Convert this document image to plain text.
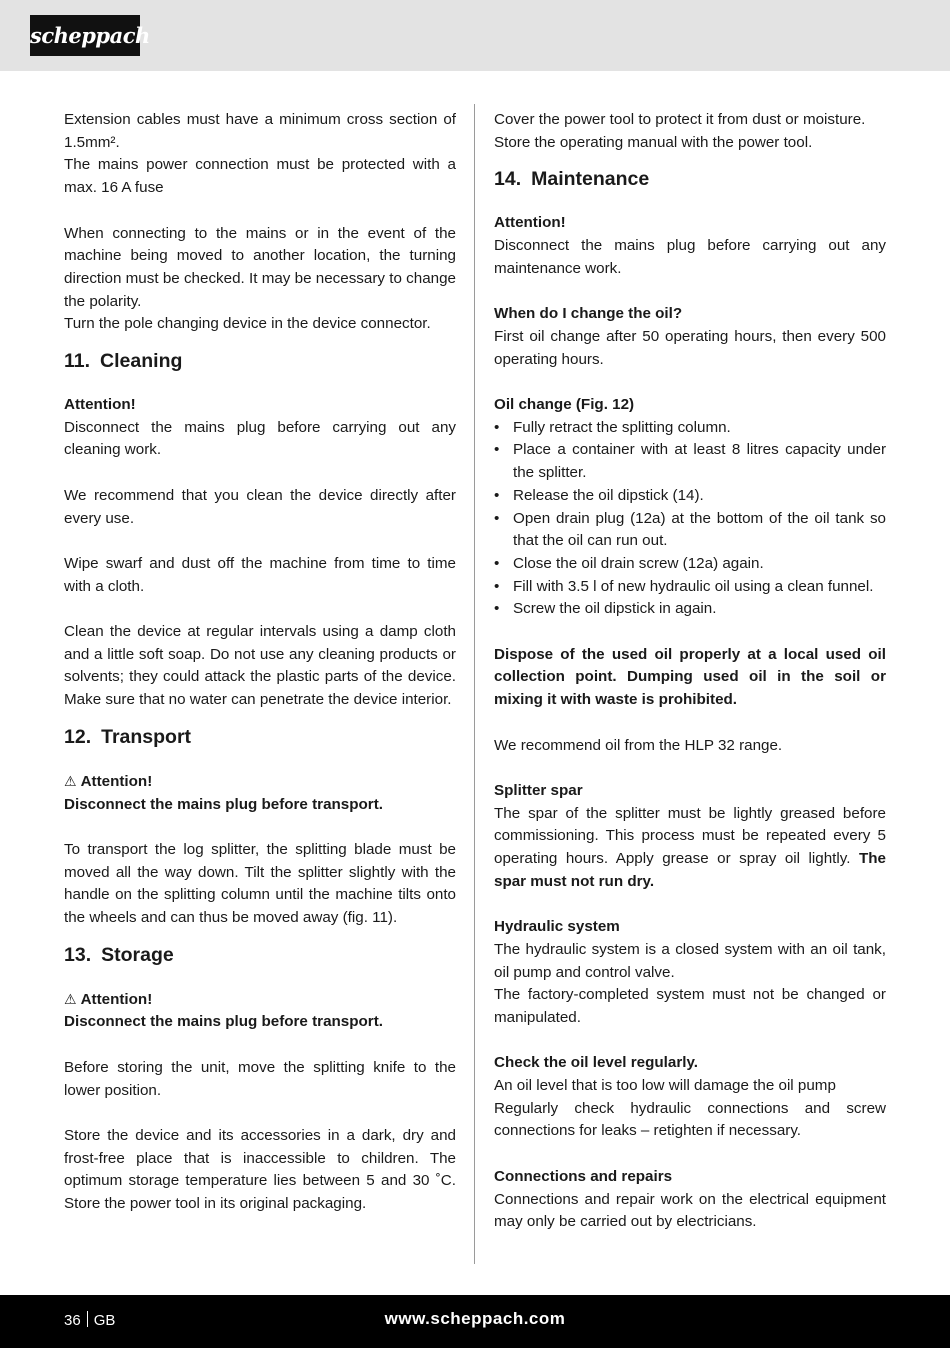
scheppach

Extension cables must have a minimum cross section of 1.5mm².

The mains power connection must be protected with a max. 16 A fuse

When connecting to the mains or in the event of the machine being moved to another location, the turning direction must be checked. It may be necessary to change the polarity.

Turn the pole changing device in the device connector.

11. Cleaning

Attention!

Disconnect the mains plug before carrying out any cleaning work.

We recommend that you clean the device directly after every use.

Wipe swarf and dust off the machine from time to time with a cloth.

Clean the device at regular intervals using a damp cloth and a little soft soap. Do not use any cleaning products or solvents; they could attack the plastic parts of the device. Make sure that no water can penetrate the device interior.

12. Transport

⚠ Attention!

Disconnect the mains plug before transport.

To transport the log splitter, the splitting blade must be moved all the way down. Tilt the splitter slightly with the handle on the splitting column until the machine tilts onto the wheels and can thus be moved away (fig. 11).

13. Storage

⚠ Attention!

Disconnect the mains plug before transport.

Before storing the unit, move the splitting knife to the lower position.

Store the device and its accessories in a dark, dry and frost-free place that is inaccessible to children. The optimum storage temperature lies between 5 and 30 ˚C. Store the power tool in its original packaging.

Cover the power tool to protect it from dust or moisture.

Store the operating manual with the power tool.

14. Maintenance

Attention!

Disconnect the mains plug before carrying out any maintenance work.

When do I change the oil?

First oil change after 50 operating hours, then every 500 operating hours.

Oil change (Fig. 12)

• Fully retract the splitting column.
• Place a container with at least 8 litres capacity under the splitter.
• Release the oil dipstick (14).
• Open drain plug (12a) at the bottom of the oil tank so that the oil can run out.
• Close the oil drain screw (12a) again.
• Fill with 3.5 l of new hydraulic oil using a clean funnel.
• Screw the oil dipstick in again.

Dispose of the used oil properly at a local used oil collection point. Dumping used oil in the soil or mixing it with waste is prohibited.

We recommend oil from the HLP 32 range.

Splitter spar

The spar of the splitter must be lightly greased before commissioning. This process must be repeated every 5 operating hours. Apply grease or spray oil lightly. The spar must not run dry.

Hydraulic system

The hydraulic system is a closed system with an oil tank, oil pump and control valve.

The factory-completed system must not be changed or manipulated.

Check the oil level regularly.

An oil level that is too low will damage the oil pump

Regularly check hydraulic connections and screw connections for leaks – retighten if necessary.

Connections and repairs

Connections and repair work on the electrical equipment may only be carried out by electricians.

36 GB	www.scheppach.com
